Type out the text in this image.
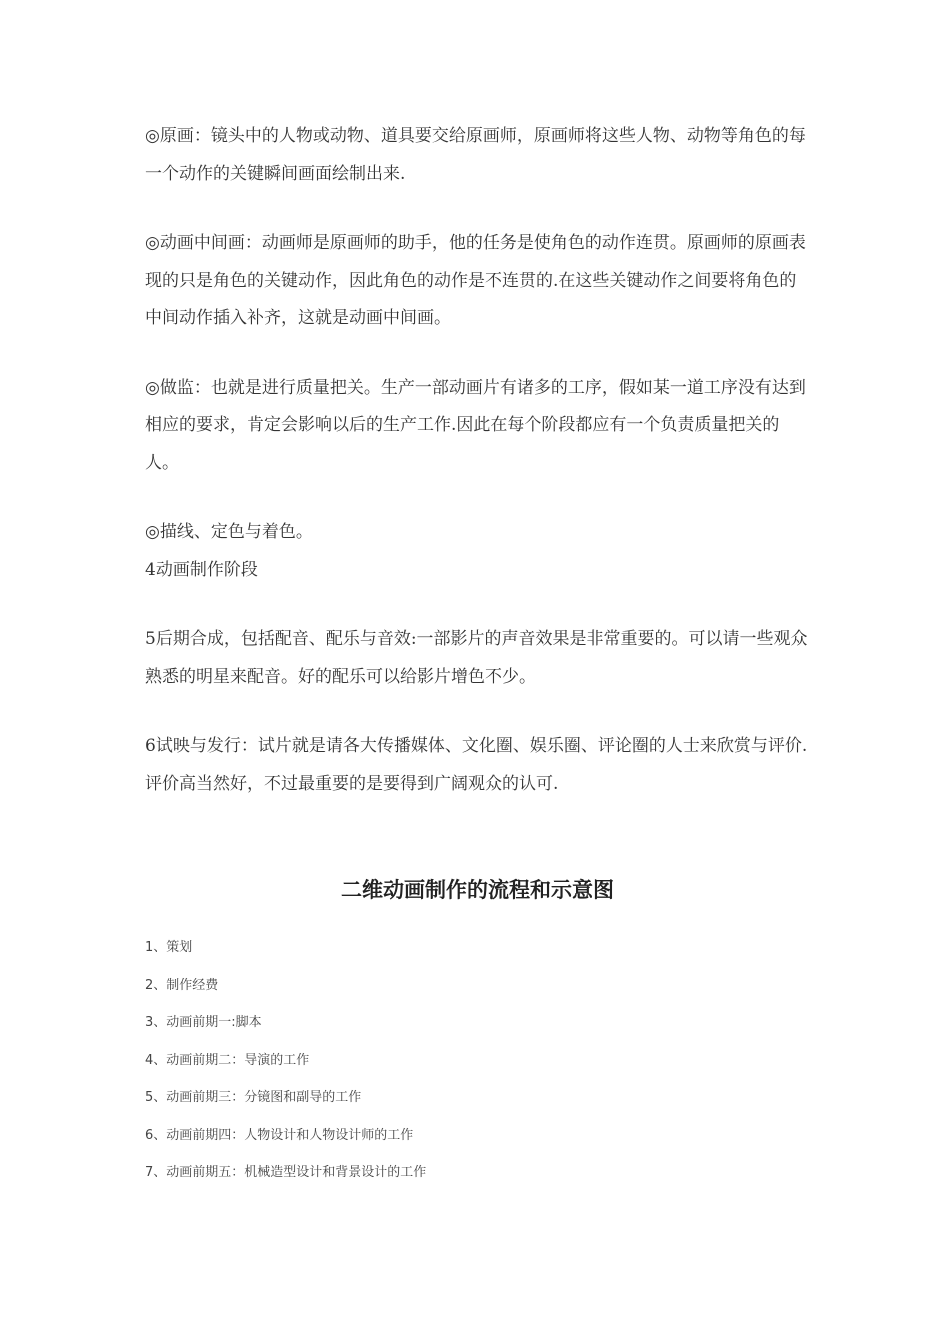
◎原画：镜头中的人物或动物、道具要交给原画师，原画师将这些人物、动物等角色的每一个动作的关键瞬间画面绘制出来.

◎动画中间画：动画师是原画师的助手，他的任务是使角色的动作连贯。原画师的原画表现的只是角色的关键动作，因此角色的动作是不连贯的.在这些关键动作之间要将角色的中间动作插入补齐，这就是动画中间画。

◎做监：也就是进行质量把关。生产一部动画片有诸多的工序，假如某一道工序没有达到相应的要求，肯定会影响以后的生产工作.因此在每个阶段都应有一个负责质量把关的人。

◎描线、定色与着色。

4动画制作阶段

5后期合成，包括配音、配乐与音效:一部影片的声音效果是非常重要的。可以请一些观众熟悉的明星来配音。好的配乐可以给影片增色不少。

6试映与发行：试片就是请各大传播媒体、文化圈、娱乐圈、评论圈的人士来欣赏与评价.评价高当然好，不过最重要的是要得到广阔观众的认可.

二维动画制作的流程和示意图
1、策划
2、制作经费
3、动画前期一:脚本
4、动画前期二：导演的工作
5、动画前期三：分镜图和副导的工作
6、动画前期四：人物设计和人物设计师的工作
7、动画前期五：机械造型设计和背景设计的工作
